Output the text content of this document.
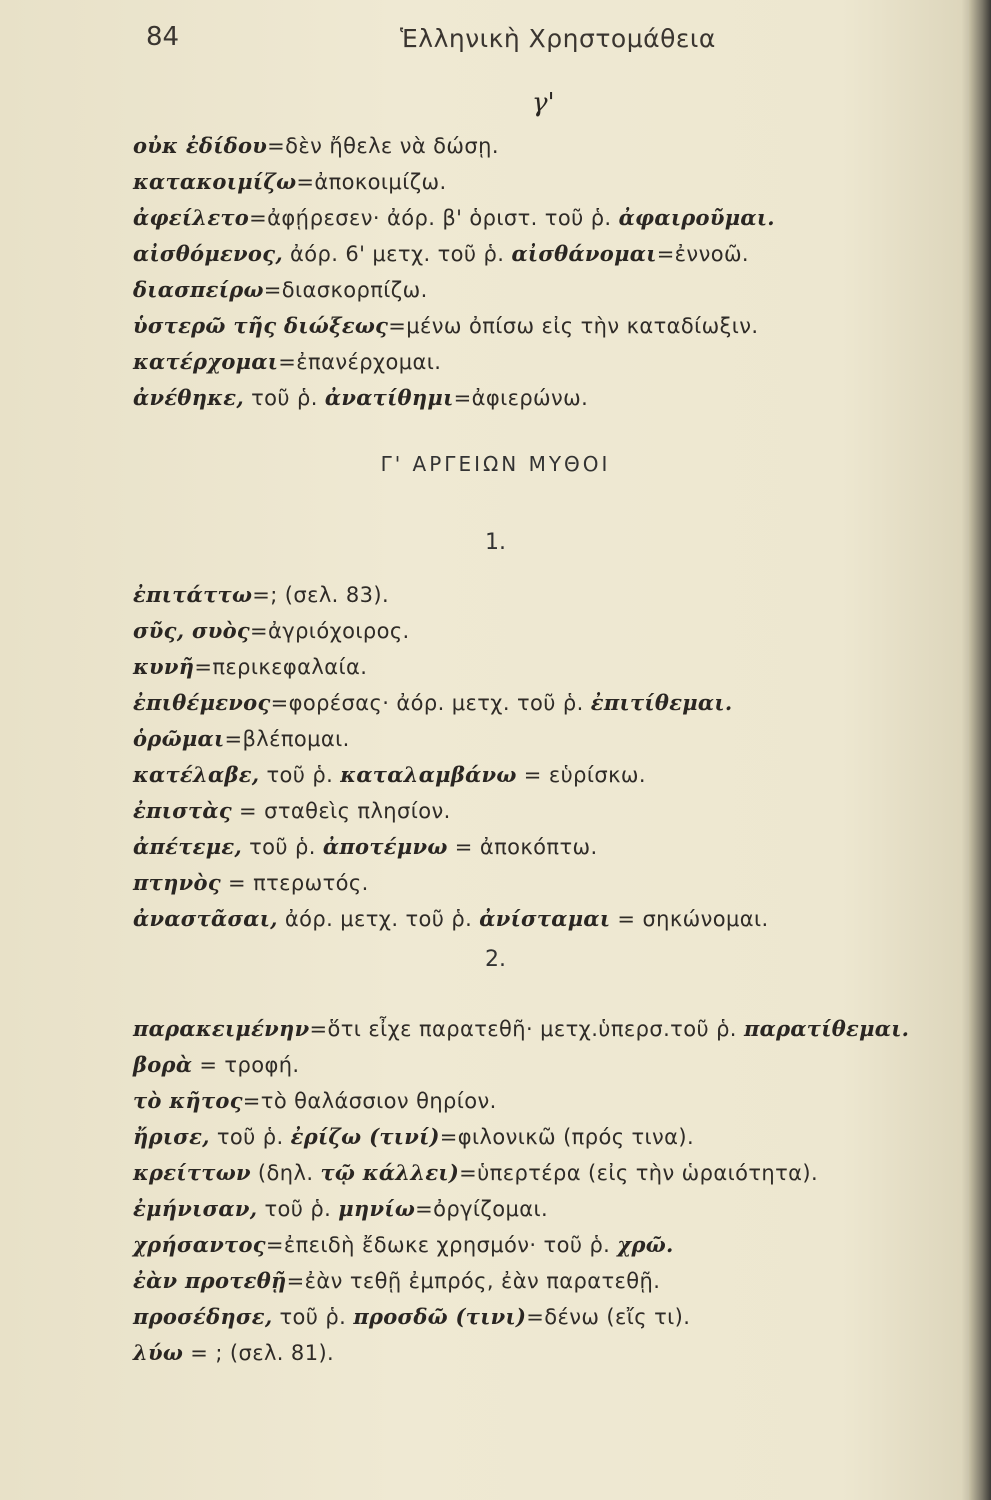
84	Ἑλληνικὴ Χρηστομάθεια
γ'
οὐκ ἐδίδου=δὲν ἤθελε νὰ δώσῃ.
κατακοιμίζω=ἀποκοιμίζω.
ἀφείλετο=ἀφῄρεσεν· ἀόρ. β' ὁριστ. τοῦ ῥ. ἀφαιροῦμαι.
αἰσθόμενος, ἀόρ. 6' μετχ. τοῦ ῥ. αἰσθάνομαι=ἐννοῶ.
διασπείρω=διασκορπίζω.
ὑστερῶ τῆς διώξεως=μένω ὀπίσω εἰς τὴν καταδίωξιν.
κατέρχομαι=ἐπανέρχομαι.
ἀνέθηκε, τοῦ ῥ. ἀνατίθημι=ἀφιερώνω.
Γ' ΑΡΓΕΙΩΝ ΜΥΘΟΙ
1.
ἐπιτάττω=; (σελ. 83).
σῦς, συὸς=ἀγριόχοιρος.
κυνῆ=περικεφαλαία.
ἐπιθέμενος=φορέσας· ἀόρ. μετχ. τοῦ ῥ. ἐπιτίθεμαι.
ὁρῶμαι=βλέπομαι.
κατέλαβε, τοῦ ῥ. καταλαμβάνω = εὑρίσκω.
ἐπιστὰς = σταθεὶς πλησίον.
ἀπέτεμε, τοῦ ῥ. ἀποτέμνω = ἀποκόπτω.
πτηνὸς = πτερωτός.
ἀναστᾶσαι, ἀόρ. μετχ. τοῦ ῥ. ἀνίσταμαι = σηκώνομαι.
2.
παρακειμένην=ὅτι εἶχε παρατεθῆ· μετχ.ὑπερσ.τοῦ ῥ. παρατίθεμαι.
βορὰ = τροφή.
τὸ κῆτος=τὸ θαλάσσιον θηρίον.
ἤρισε, τοῦ ῥ. ἐρίζω (τινί)=φιλονικῶ (πρός τινα).
κρείττων (δηλ. τῷ κάλλει)=ὑπερτέρα (εἰς τὴν ὡραιότητα).
ἐμήνισαν, τοῦ ῥ. μηνίω=ὀργίζομαι.
χρήσαντος=ἐπειδὴ ἔδωκε χρησμόν· τοῦ ῥ. χρῶ.
ἐὰν προτεθῇ=ἐὰν τεθῇ ἐμπρός, ἐὰν παρατεθῇ.
προσέδησε, τοῦ ῥ. προσδῶ (τινι)=δένω (εἴς τι).
λύω = ; (σελ. 81).
